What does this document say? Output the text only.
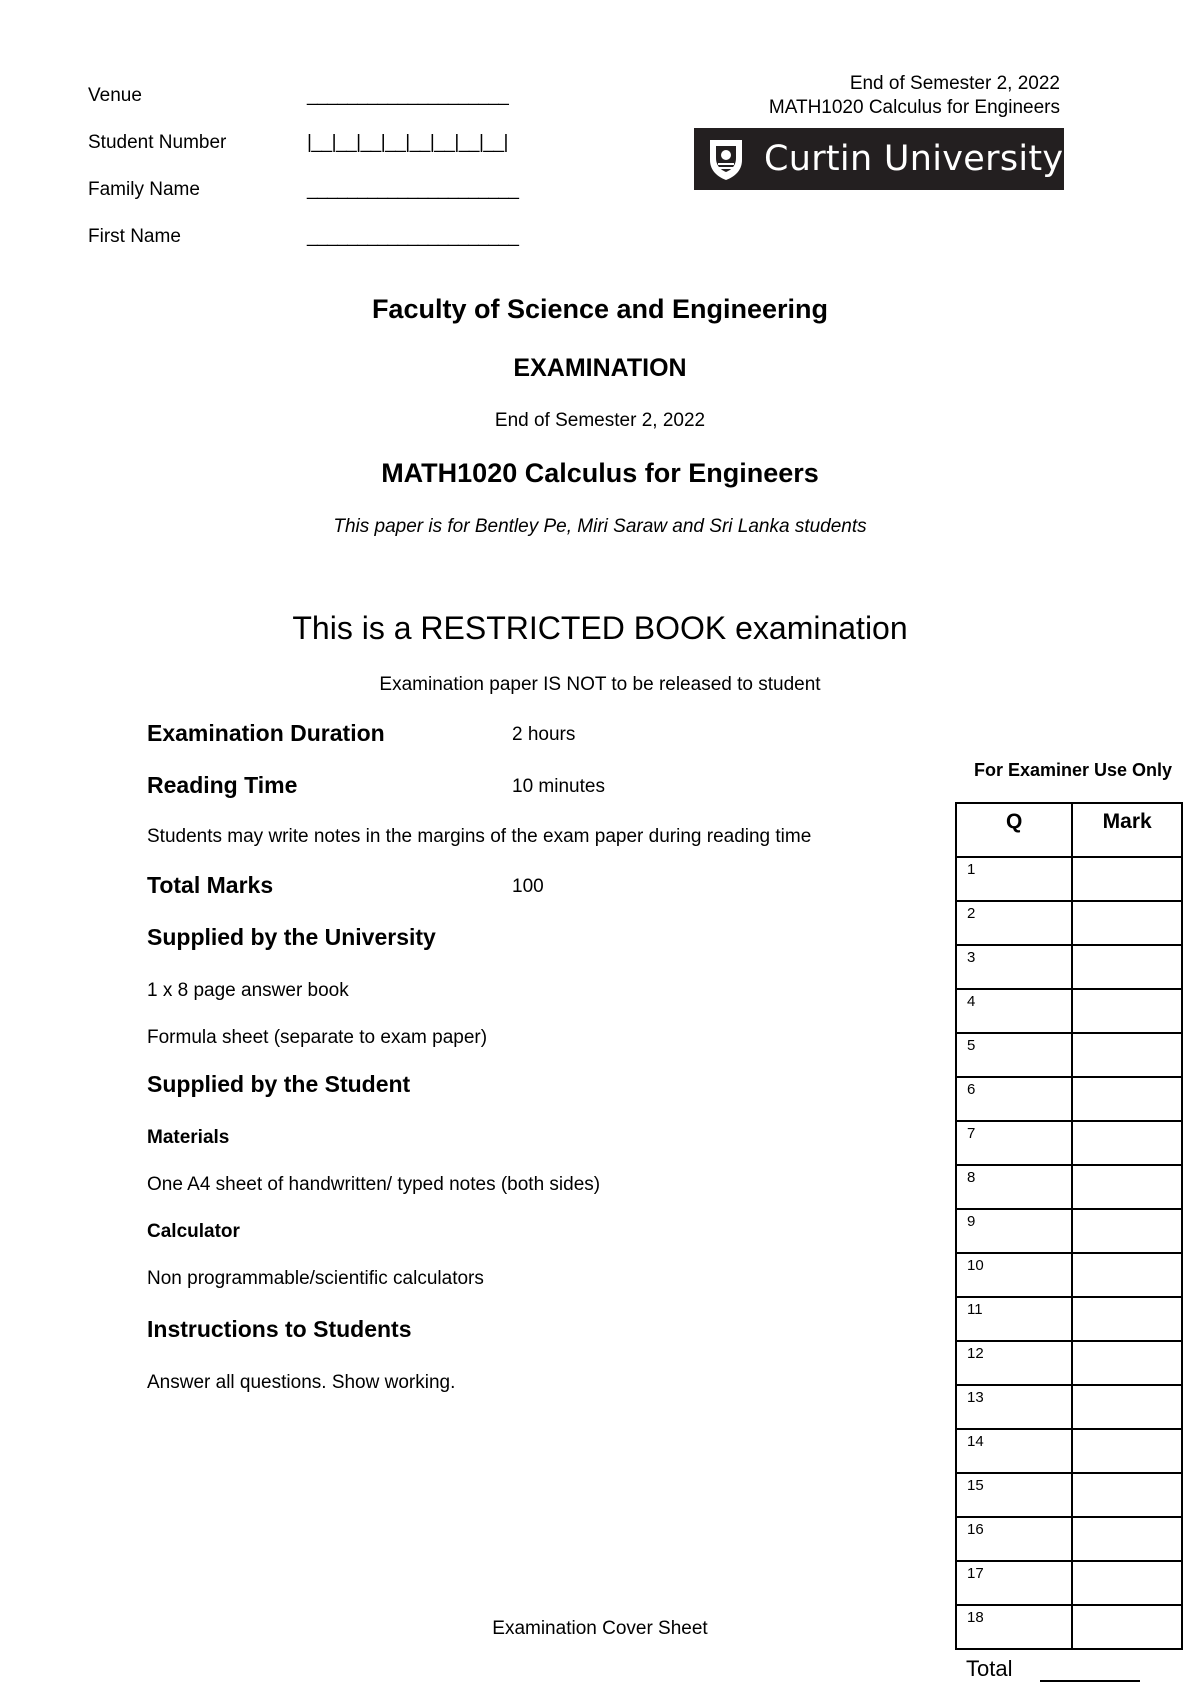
Venue	____________________
Student Number	|__|__|__|__|__|__|__|__|
Family Name	_____________________
First Name	_____________________
End of Semester 2, 2022
MATH1020 Calculus for Engineers
Curtin University
Faculty of Science and Engineering
EXAMINATION
End of Semester 2, 2022
MATH1020 Calculus for Engineers
This paper is for Bentley Pe, Miri Saraw and Sri Lanka students
This is a RESTRICTED BOOK examination
Examination paper IS NOT to be released to student
Examination Duration	2 hours
Reading Time	10 minutes
Students may write notes in the margins of the exam paper during reading time
Total Marks	100
Supplied by the University
1 x 8 page answer book
Formula sheet (separate to exam paper)
Supplied by the Student
Materials
One A4 sheet of handwritten/ typed notes (both sides)
Calculator
Non programmable/scientific calculators
Instructions to Students
Answer all questions. Show working.
For Examiner Use Only
Q	Mark
1	
2	
3	
4	
5	
6	
7	
8	
9	
10	
11	
12	
13	
14	
15	
16	
17	
18	
Total
Examination Cover Sheet
